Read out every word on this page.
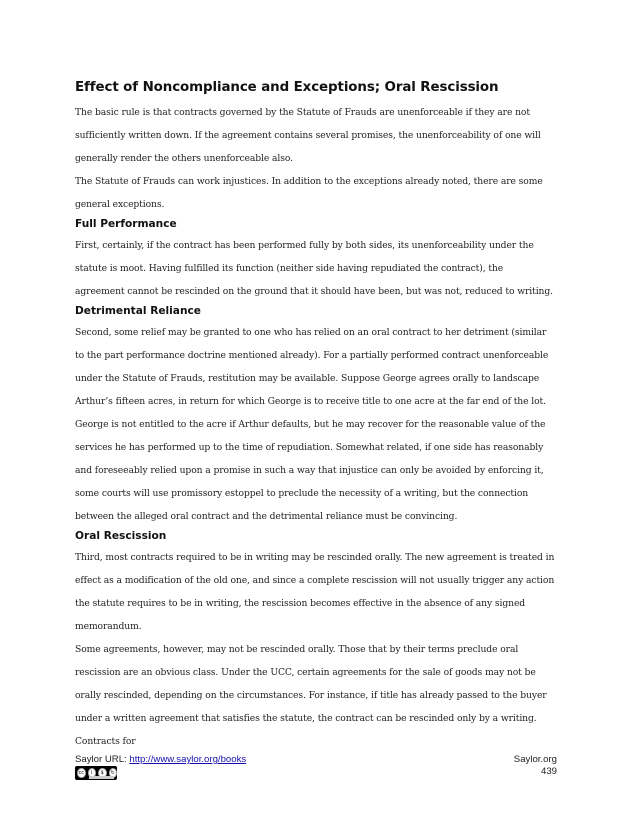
Effect of Noncompliance and Exceptions; Oral Rescission

The basic rule is that contracts governed by the Statute of Frauds are unenforceable if they are not sufficiently written down. If the agreement contains several promises, the unenforceability of one will generally render the others unenforceable also.

The Statute of Frauds can work injustices. In addition to the exceptions already noted, there are some general exceptions.

Full Performance

First, certainly, if the contract has been performed fully by both sides, its unenforceability under the statute is moot. Having fulfilled its function (neither side having repudiated the contract), the agreement cannot be rescinded on the ground that it should have been, but was not, reduced to writing.

Detrimental Reliance

Second, some relief may be granted to one who has relied on an oral contract to her detriment (similar to the part performance doctrine mentioned already). For a partially performed contract unenforceable under the Statute of Frauds, restitution may be available. Suppose George agrees orally to landscape Arthur’s fifteen acres, in return for which George is to receive title to one acre at the far end of the lot. George is not entitled to the acre if Arthur defaults, but he may recover for the reasonable value of the services he has performed up to the time of repudiation. Somewhat related, if one side has reasonably and foreseeably relied upon a promise in such a way that injustice can only be avoided by enforcing it, some courts will use promissory estoppel to preclude the necessity of a writing, but the connection between the alleged oral contract and the detrimental reliance must be convincing.

Oral Rescission

Third, most contracts required to be in writing may be rescinded orally. The new agreement is treated in effect as a modification of the old one, and since a complete rescission will not usually trigger any action the statute requires to be in writing, the rescission becomes effective in the absence of any signed memorandum.

Some agreements, however, may not be rescinded orally. Those that by their terms preclude oral rescission are an obvious class. Under the UCC, certain agreements for the sale of goods may not be orally rescinded, depending on the circumstances. For instance, if title has already passed to the buyer under a written agreement that satisfies the statute, the contract can be rescinded only by a writing. Contracts for

Saylor URL: http://www.saylor.org/books
cc	i	$	↻
Saylor.org
439
